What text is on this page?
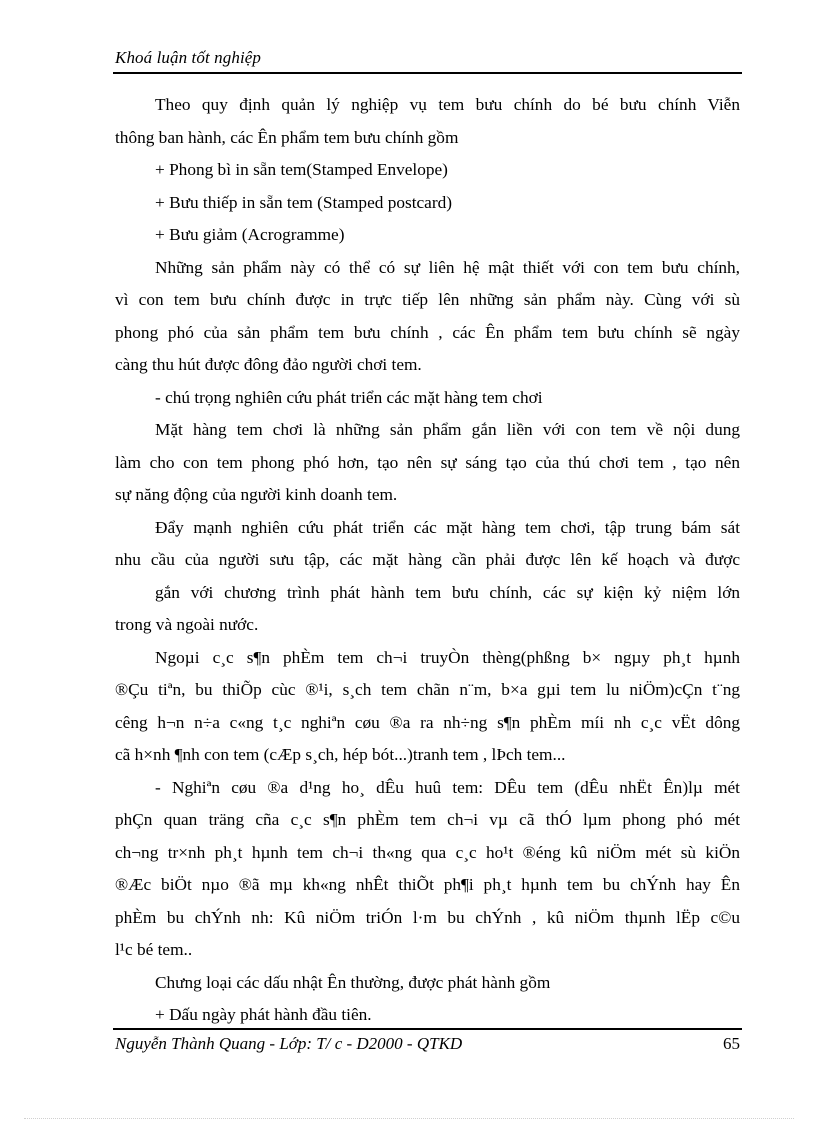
Khoá luận tốt nghiệp
Theo quy định quản lý nghiệp vụ tem bưu chính do bé bưu chính Viễn
thông ban hành, các Ên phẩm tem bưu chính gồm
+ Phong bì in sẵn tem(Stamped Envelope)
+ Bưu thiếp in sẵn tem (Stamped postcard)
+ Bưu giảm (Acrogramme)
Những sản phẩm này có thể có sự liên hệ mật thiết với con tem bưu chính,
vì con tem bưu chính được in trực tiếp lên những sản phẩm này. Cùng với sù
phong phó của sản phẩm tem bưu chính , các Ên phẩm tem bưu chính sẽ ngày
càng thu hút được đông đảo người chơi tem.
- chú trọng nghiên cứu phát triển các mặt hàng tem chơi
Mặt hàng tem chơi là những sản phẩm gắn liền với con tem về nội dung
làm cho con tem phong phó hơn, tạo nên sự sáng tạo của thú chơi tem , tạo nên
sự năng động của người kinh doanh tem.
Đẩy mạnh nghiên cứu phát triển các mặt hàng tem chơi, tập trung bám sát
nhu cầu của người sưu tập, các mặt hàng cần phải được lên kế hoạch và được
gắn với chương trình phát hành tem bưu chính, các sự kiện kỷ niệm lớn
trong và ngoài nước.
Ngoµi c¸c s¶n phÈm tem ch¬i truyÒn thèng(phßng b× ngµy ph¸t hµnh
®Çu tiªn, bu thiÕp cùc ®¹i, s¸ch tem chãn n¨m, b×a gµi tem lu niÖm)cÇn t¨ng
cêng h¬n n÷a c«ng t¸c nghiªn cøu ®a ra nh÷ng s¶n phÈm míi nh c¸c vËt dông
cã h×nh ¶nh con tem (cÆp s¸ch, hép bót...)tranh tem , lÞch tem...
- Nghiªn cøu ®a d¹ng ho¸ dÊu huû tem: DÊu tem (dÊu nhËt Ên)lµ mét
phÇn quan träng cña c¸c s¶n phÈm tem ch¬i vµ cã thÓ lµm phong phó mét
ch¬ng tr×nh ph¸t hµnh tem ch¬i th«ng qua c¸c ho¹t ®éng kû niÖm mét sù kiÖn
®Æc biÖt nµo ®ã mµ kh«ng nhÊt thiÕt ph¶i ph¸t hµnh tem bu chÝnh hay Ên
phÈm bu chÝnh nh: Kû niÖm triÓn l·m bu chÝnh , kû niÖm thµnh lËp c©u
l¹c bé tem..
Chưng loại các dấu nhật Ên thường, được phát hành gồm
+ Dấu ngày phát hành đầu tiên.
Nguyễn Thành Quang - Lớp: T/ c - D2000 - QTKD	65
